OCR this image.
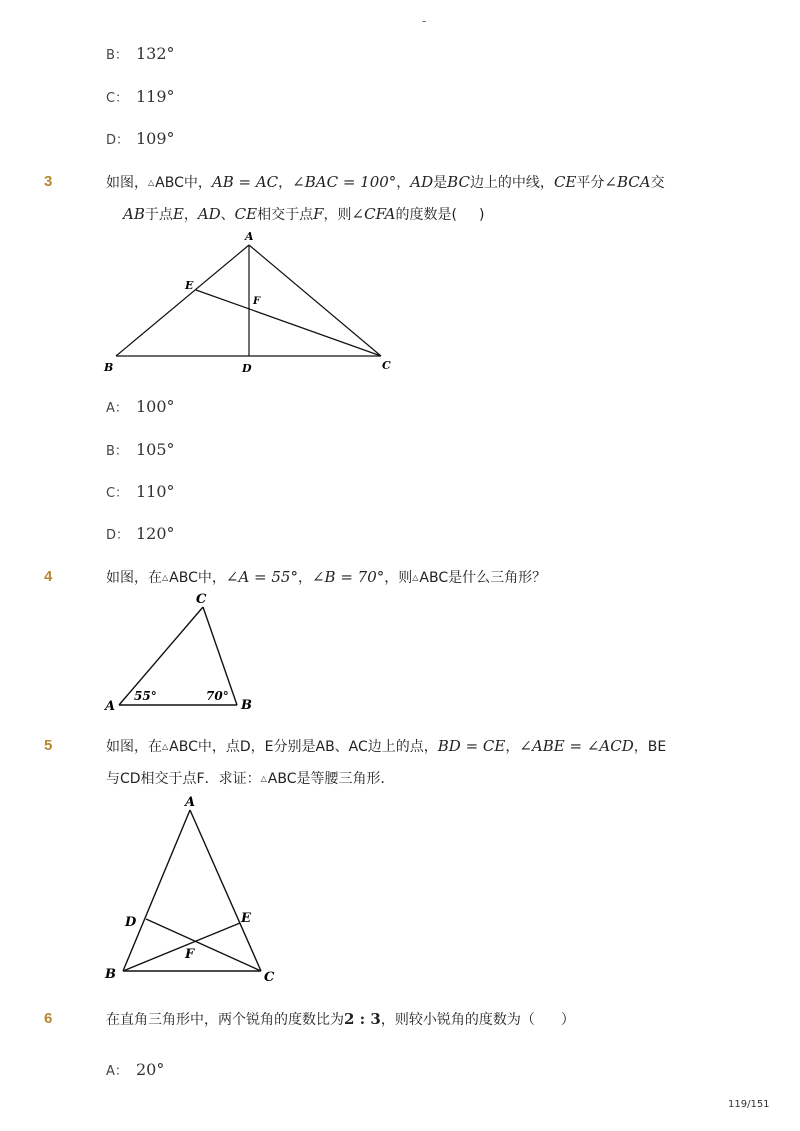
-
B： 132°
C： 119°
D： 109°
3	如图，△ABC中，AB = AC，∠BAC = 100°，AD是BC边上的中线，CE平分∠BCA交
AB于点E，AD、CE相交于点F，则∠CFA的度数是( )
A
B	C
D
E
F
C
A	B
55°	70°
A
B	C
D	E
F
A： 100°
B： 105°
C： 110°
D： 120°
4	如图，在△ABC中，∠A = 55°，∠B = 70°，则△ABC是什么三角形？
5	如图，在△ABC中，点D，E分别是AB、AC边上的点，BD = CE，∠ABE = ∠ACD，BE
与CD相交于点F．求证：△ABC是等腰三角形．
6	在直角三角形中，两个锐角的度数比为2 : 3，则较小锐角的度数为（ ）
A： 20°
119/151
